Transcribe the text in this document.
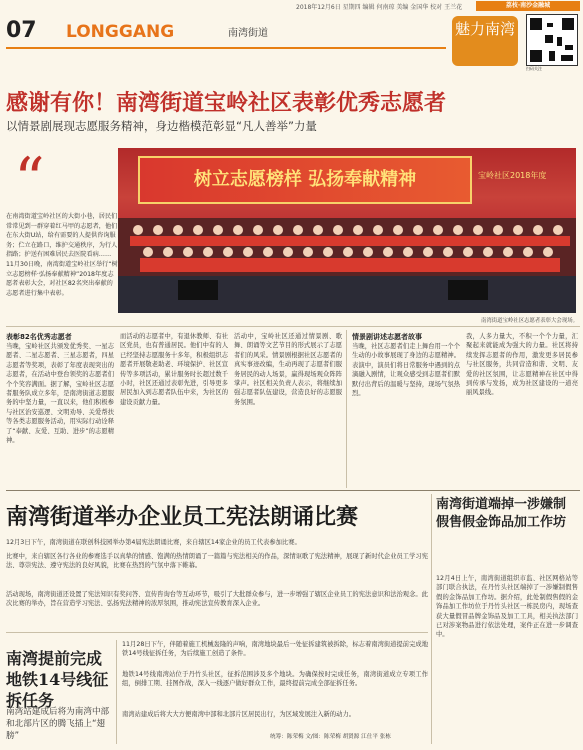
2018年12月6日 星期四 编辑 何南琼 美编 金国华 校对 王兰花	荔枝·南沙金融城
07 LONGGANG	南湾街道	魅力南湾
扫码关注
感谢有你！南湾街道宝岭社区表彰优秀志愿者
以情景剧展现志愿服务精神，身边楷模范彰显“凡人善举”力量
“
在南湾街道宝岭社区的大街小巷，居民们常常见到一群穿着红马甲的志愿者，他们在东大街U站，给有需要的人提供咨询服务；伫立在路口，维护交通秩序，为行人指路；护送有困难居民去医院看病……11月30日晚，南湾街道宝岭社区举行“树立志愿榜样·弘扬奉献精神”2018年度志愿者表彰大会，对社区82名突出奉献的志愿者进行集中表彰。
树立志愿榜样 弘扬奉献精神	宝岭社区2018年度
南湾街道宝岭社区志愿者表彰大会现场。
表彰82名优秀志愿者
当晚，宝岭社区共颁发优秀奖、一星志愿者、二星志愿者、三星志愿者，四星志愿者等奖项，表彰了年度表现突出的志愿者，在活动中登台领奖的志愿者们个个笑容满面。据了解，宝岭社区志愿者服务队成立多年，是南湾街道志愿服务的中坚力量，一直以来，他们积极参与社区治安巡逻、文明劝导、关爱帮扶等各类志愿服务活动，用实际行动诠释了“奉献、友爱、互助、进步”的志愿精神。
而活动的志愿者中，有退休教师、有社区党员，也有普通居民。他们中有的人已经坚持志愿服务十多年，积极组织志愿者开展敬老助老、环境保护、社区宣传等多项活动，累计服务时长超过数千小时，社区还通过表彰先进，引导更多居民加入到志愿者队伍中来，为社区的建设贡献力量。
活动中，宝岭社区还通过情景剧、歌舞、朗诵等文艺节目的形式展示了志愿者们的风采。情景剧根据社区志愿者的真实事迹改编，生动再现了志愿者们服务居民的动人场景，赢得现场观众阵阵掌声。社区相关负责人表示，将继续加强志愿者队伍建设，营造良好的志愿服务氛围。
情景剧讲述志愿者故事
当晚，社区志愿者们走上舞台用一个个生动的小故事展现了身边的志愿精神。表演中，演员们将日常服务中遇到的点滴融入剧情，让观众感受到志愿者们默默付出背后的温暖与坚持，现场气氛热烈。
我，人多力量大，不积一个个力量，汇聚起来就能成为强大的力量。社区将持续发挥志愿者的作用，激发更多居民参与社区服务，共同营造和谐、文明、友爱的社区氛围，让志愿精神在社区中得到传承与发扬，成为社区建设的一道亮丽风景线。
南湾街道举办企业员工宪法朗诵比赛
12月3日下午，南湾街道在联创科技园举办第4届宪法朗诵比赛，来自辖区14家企业的员工代表参加比赛。
比赛中，来自辖区各行各业的参赛选手以真挚的情感、饱满的热情朗诵了一篇篇与宪法相关的作品，深情讴歌了宪法精神，展现了新时代企业员工学习宪法、尊崇宪法、遵守宪法的良好风貌，比赛在热烈的气氛中落下帷幕。
活动现场，南湾街道还设置了宪法知识有奖问答、宣传咨询台等互动环节，吸引了大批群众参与，进一步增强了辖区企业员工的宪法意识和法治观念。此次比赛的举办，旨在营造学习宪法、弘扬宪法精神的浓厚氛围，推动宪法宣传教育深入企业。
南湾街道端掉一涉嫌制假售假金饰品加工作坊
12月4日上午，南湾街道组织市监、社区网格站等部门联合执法，在丹竹头社区端掉了一涉嫌制假售假的金饰品加工作坊。据介绍，此处制假售假的金饰品加工作坊位于丹竹头社区一栋民房内，现场查获大量假冒品牌金饰品及加工工具，相关执法部门已对涉案物品进行依法处理，案件正在进一步调查中。
南湾提前完成地铁14号线征拆任务
南湾站建成后将为南湾中部和北部片区的腾飞插上“翅膀”
11月28日下午，伴随着施工机械轰隆的声响，南湾地块最后一处征拆建筑被拆除，标志着南湾街道提前完成地铁14号线征拆任务，为后续施工创造了条件。
地铁14号线南湾站位于丹竹头社区，征拆范围涉及多个地块。为确保按时完成任务，南湾街道成立专项工作组，倒排工期、挂图作战，深入一线逐户做好群众工作，最终提前完成全部征拆任务。
南湾站建成后将大大方便南湾中部和北部片区居民出行，为区域发展注入新的动力。
统筹：陈荣梅 文/图：陈荣梅 胡贤源 江仕平 张栋
